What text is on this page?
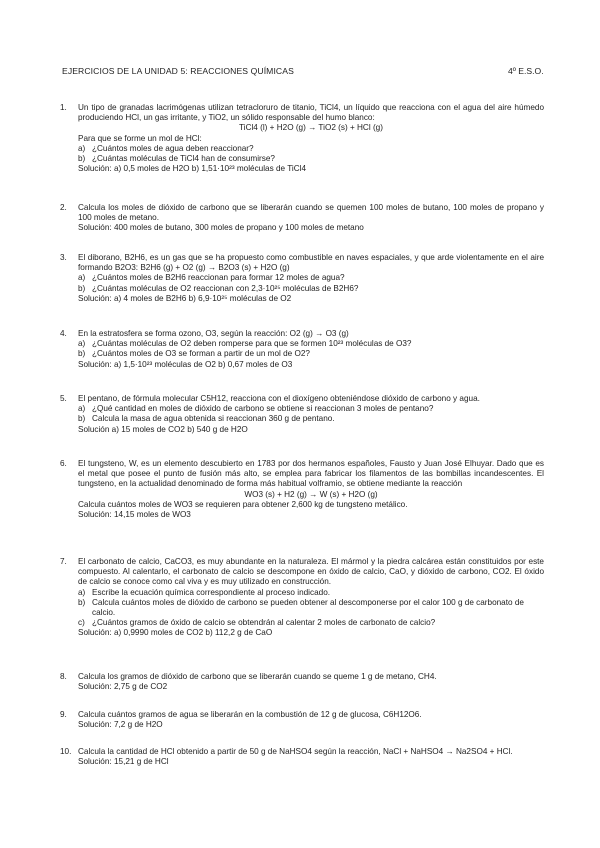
EJERCICIOS DE LA UNIDAD 5: REACCIONES QUÍMICAS	4º E.S.O.
1.	Un tipo de granadas lacrimógenas utilizan tetracloruro de titanio, TiCl4, un líquido que reacciona con el agua del aire húmedo produciendo HCl, un gas irritante, y TiO2, un sólido responsable del humo blanco:
TiCl4 (l) + H2O (g) → TiO2 (s) + HCl (g)
Para que se forme un mol de HCl:
a) ¿Cuántos moles de agua deben reaccionar?
b) ¿Cuántas moléculas de TiCl4 han de consumirse?
Solución: a) 0,5 moles de H2O b) 1,51·10²³ moléculas de TiCl4
2.	Calcula los moles de dióxido de carbono que se liberarán cuando se quemen 100 moles de butano, 100 moles de propano y 100 moles de metano.
Solución: 400 moles de butano, 300 moles de propano y 100 moles de metano
3.	El diborano, B2H6, es un gas que se ha propuesto como combustible en naves espaciales, y que arde violentamente en el aire formando B2O3: B2H6 (g) + O2 (g) → B2O3 (s) + H2O (g)
a) ¿Cuántos moles de B2H6 reaccionan para formar 12 moles de agua?
b) ¿Cuántas moléculas de O2 reaccionan con 2,3·10²⁵ moléculas de B2H6?
Solución: a) 4 moles de B2H6 b) 6,9·10²⁵ moléculas de O2
4.	En la estratosfera se forma ozono, O3, según la reacción: O2 (g) → O3 (g)
a) ¿Cuántas moléculas de O2 deben romperse para que se formen 10²³ moléculas de O3?
b) ¿Cuántos moles de O3 se forman a partir de un mol de O2?
Solución: a) 1,5·10²³ moléculas de O2 b) 0,67 moles de O3
5.	El pentano, de fórmula molecular C5H12, reacciona con el dioxígeno obteniéndose dióxido de carbono y agua.
a) ¿Qué cantidad en moles de dióxido de carbono se obtiene si reaccionan 3 moles de pentano?
b) Calcula la masa de agua obtenida si reaccionan 360 g de pentano.
Solución a) 15 moles de CO2 b) 540 g de H2O
6.	El tungsteno, W, es un elemento descubierto en 1783 por dos hermanos españoles, Fausto y Juan José Elhuyar. Dado que es el metal que posee el punto de fusión más alto, se emplea para fabricar los filamentos de las bombillas incandescentes. El tungsteno, en la actualidad denominado de forma más habitual volframio, se obtiene mediante la reacción
WO3 (s) + H2 (g) → W (s) + H2O (g)
Calcula cuántos moles de WO3 se requieren para obtener 2,600 kg de tungsteno metálico.
Solución: 14,15 moles de WO3
7.	El carbonato de calcio, CaCO3, es muy abundante en la naturaleza. El mármol y la piedra calcárea están constituidos por este compuesto. Al calentarlo, el carbonato de calcio se descompone en óxido de calcio, CaO, y dióxido de carbono, CO2. El óxido de calcio se conoce como cal viva y es muy utilizado en construcción.
a) Escribe la ecuación química correspondiente al proceso indicado.
b) Calcula cuántos moles de dióxido de carbono se pueden obtener al descomponerse por el calor 100 g de carbonato de calcio.
c) ¿Cuántos gramos de óxido de calcio se obtendrán al calentar 2 moles de carbonato de calcio?
Solución: a) 0,9990 moles de CO2 b) 112,2 g de CaO
8.	Calcula los gramos de dióxido de carbono que se liberarán cuando se queme 1 g de metano, CH4.
Solución: 2,75 g de CO2
9.	Calcula cuántos gramos de agua se liberarán en la combustión de 12 g de glucosa, C6H12O6.
Solución: 7,2 g de H2O
10. Calcula la cantidad de HCl obtenido a partir de 50 g de NaHSO4 según la reacción, NaCl + NaHSO4 → Na2SO4 + HCl.
Solución: 15,21 g de HCl
